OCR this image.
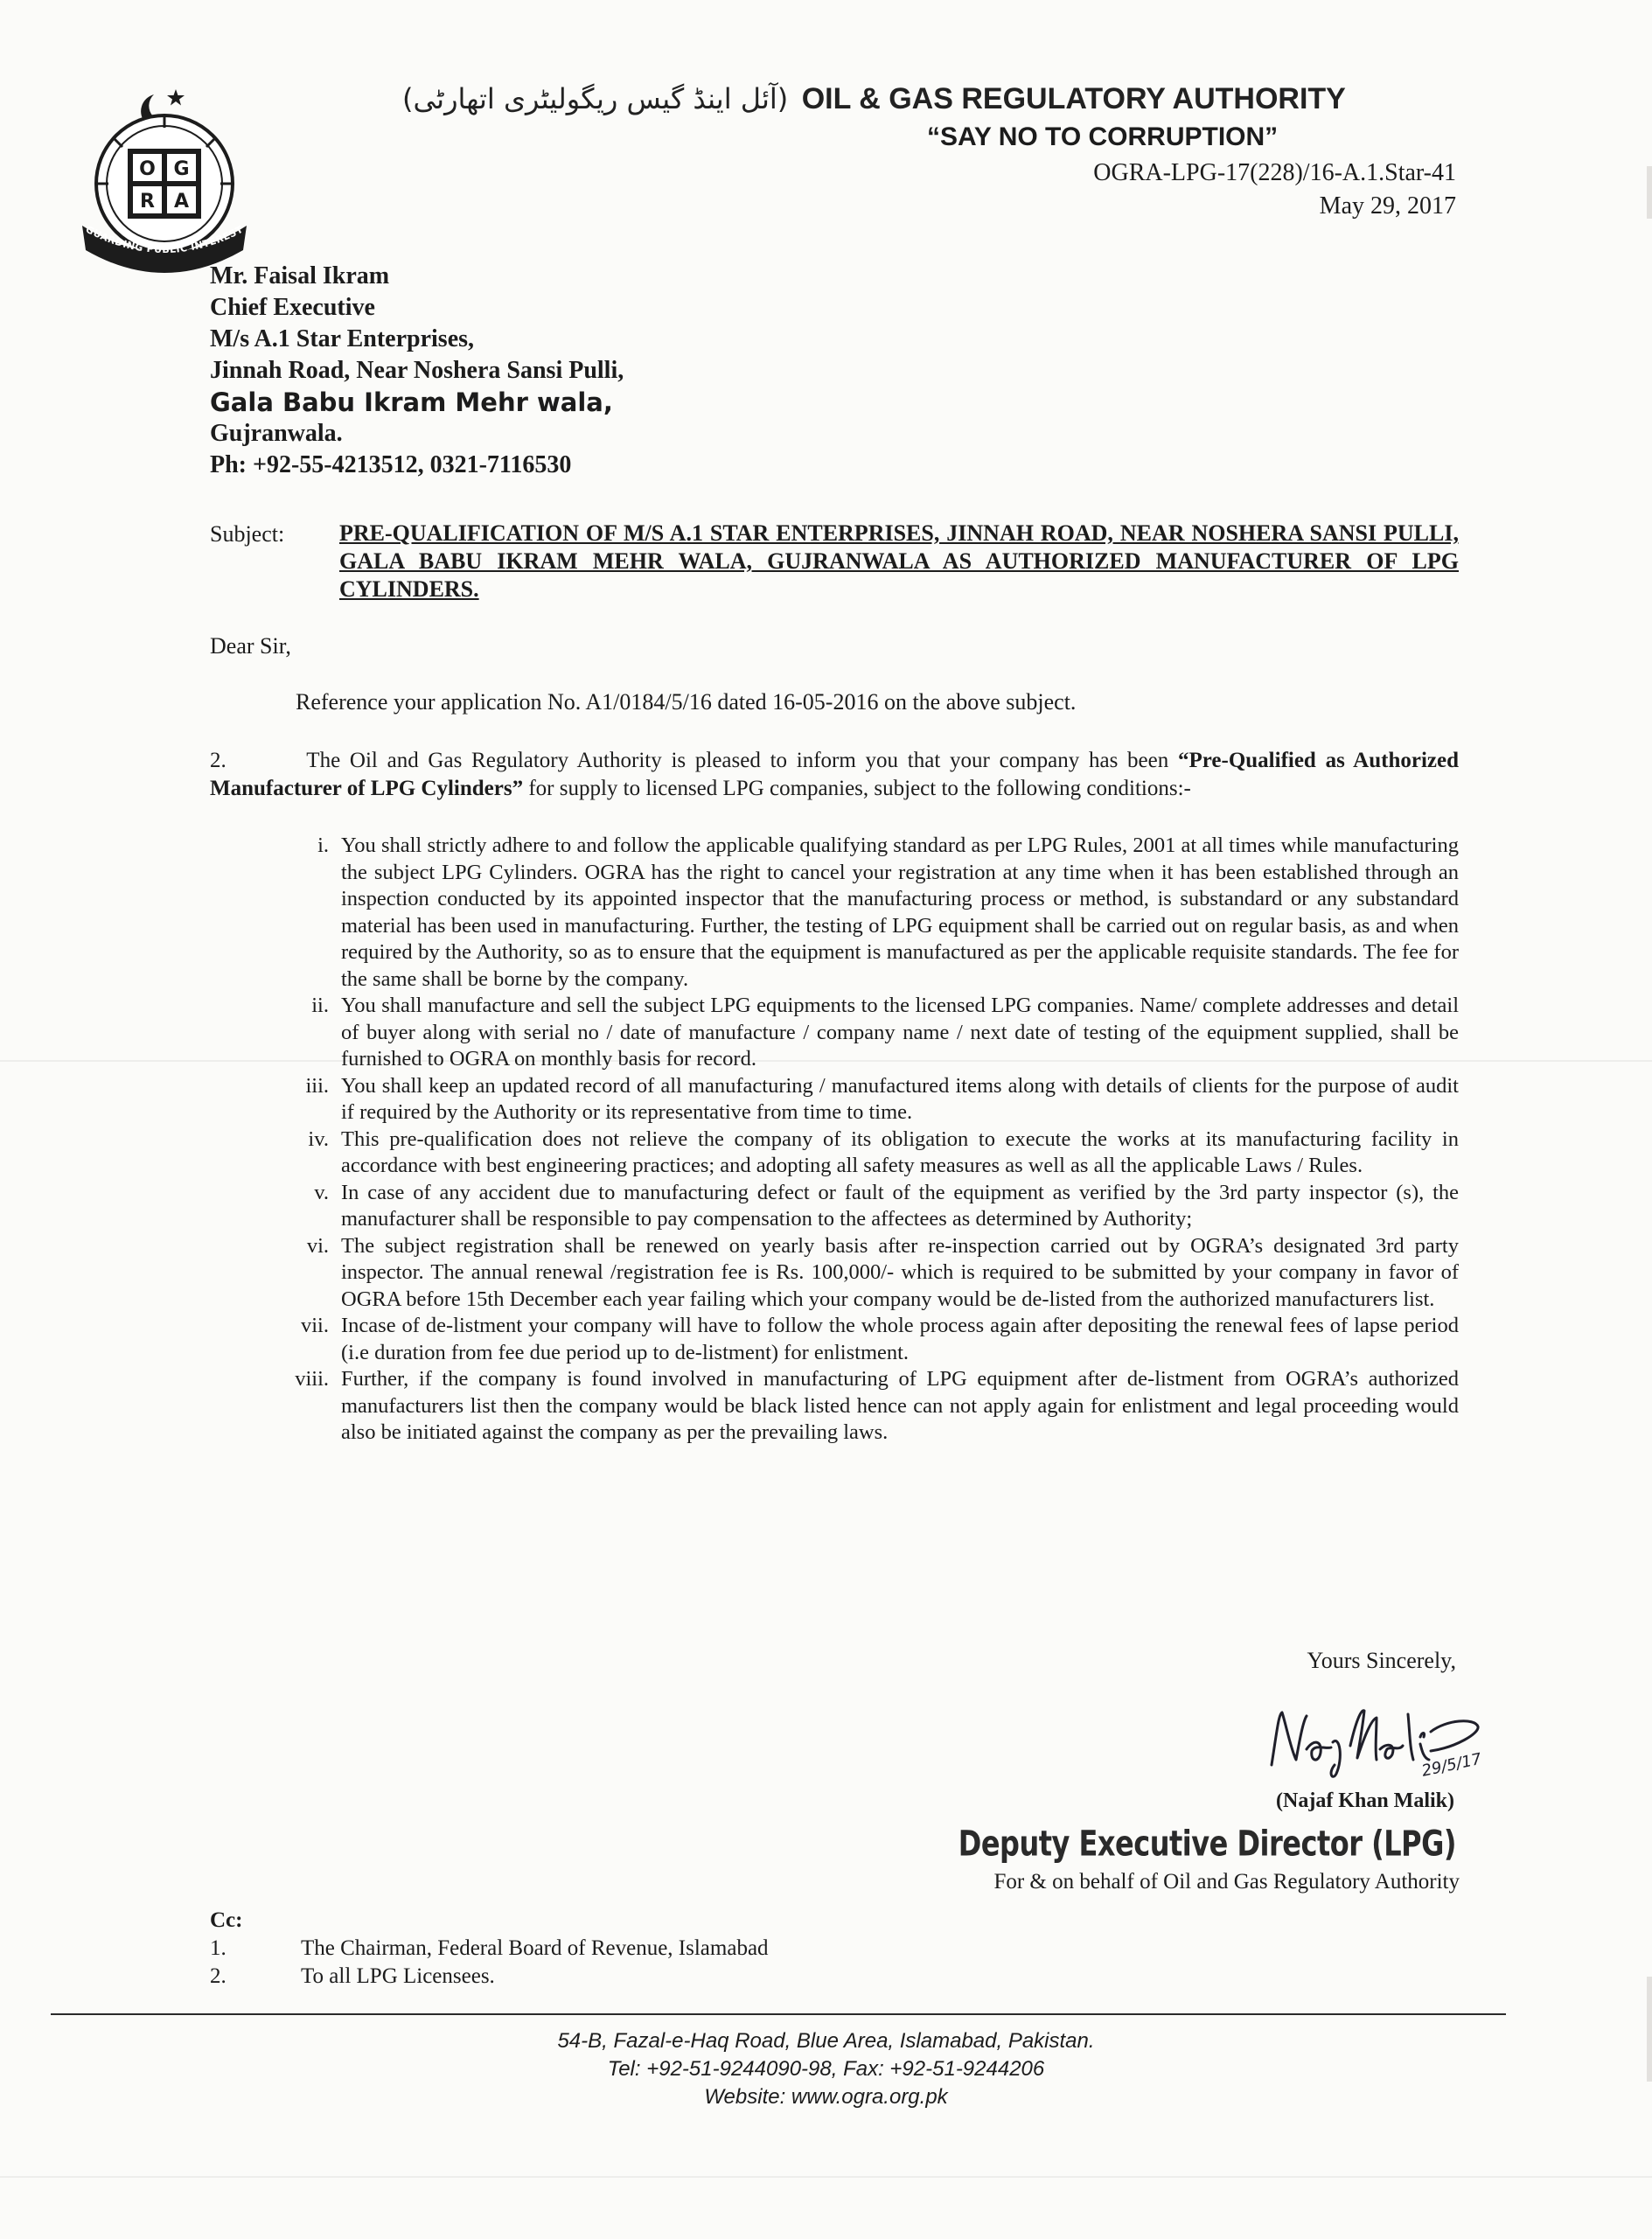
O G
R A
GUARDING PUBLIC INTEREST
(آئل اینڈ گیس ریگولیٹری اتھارٹی) OIL & GAS REGULATORY AUTHORITY
“SAY NO TO CORRUPTION”
OGRA-LPG-17(228)/16-A.1.Star-41
May 29, 2017
Mr. Faisal Ikram
Chief Executive
M/s A.1 Star Enterprises,
Jinnah Road, Near Noshera Sansi Pulli,
Gala Babu Ikram Mehr wala,
Gujranwala.
Ph: +92-55-4213512, 0321-7116530
Subject: PRE-QUALIFICATION OF M/S A.1 STAR ENTERPRISES, JINNAH ROAD, NEAR NOSHERA SANSI PULLI, GALA BABU IKRAM MEHR WALA, GUJRANWALA AS AUTHORIZED MANUFACTURER OF LPG CYLINDERS.
Dear Sir,
Reference your application No. A1/0184/5/16 dated 16-05-2016 on the above subject.
2.	The Oil and Gas Regulatory Authority is pleased to inform you that your company has been “Pre-Qualified as Authorized Manufacturer of LPG Cylinders” for supply to licensed LPG companies, subject to the following conditions:-
i. You shall strictly adhere to and follow the applicable qualifying standard as per LPG Rules, 2001 at all times while manufacturing the subject LPG Cylinders. OGRA has the right to cancel your registration at any time when it has been established through an inspection conducted by its appointed inspector that the manufacturing process or method, is substandard or any substandard material has been used in manufacturing. Further, the testing of LPG equipment shall be carried out on regular basis, as and when required by the Authority, so as to ensure that the equipment is manufactured as per the applicable requisite standards. The fee for the same shall be borne by the company.
ii. You shall manufacture and sell the subject LPG equipments to the licensed LPG companies. Name/ complete addresses and detail of buyer along with serial no / date of manufacture / company name / next date of testing of the equipment supplied, shall be furnished to OGRA on monthly basis for record.
iii. You shall keep an updated record of all manufacturing / manufactured items along with details of clients for the purpose of audit if required by the Authority or its representative from time to time.
iv. This pre-qualification does not relieve the company of its obligation to execute the works at its manufacturing facility in accordance with best engineering practices; and adopting all safety measures as well as all the applicable Laws / Rules.
v. In case of any accident due to manufacturing defect or fault of the equipment as verified by the 3rd party inspector (s), the manufacturer shall be responsible to pay compensation to the affectees as determined by Authority;
vi. The subject registration shall be renewed on yearly basis after re-inspection carried out by OGRA’s designated 3rd party inspector. The annual renewal /registration fee is Rs. 100,000/- which is required to be submitted by your company in favor of OGRA before 15th December each year failing which your company would be de-listed from the authorized manufacturers list.
vii. Incase of de-listment your company will have to follow the whole process again after depositing the renewal fees of lapse period (i.e duration from fee due period up to de-listment) for enlistment.
viii. Further, if the company is found involved in manufacturing of LPG equipment after de-listment from OGRA’s authorized manufacturers list then the company would be black listed hence can not apply again for enlistment and legal proceeding would also be initiated against the company as per the prevailing laws.
Yours Sincerely,
29/5/17
(Najaf Khan Malik)
Deputy Executive Director (LPG)
For & on behalf of Oil and Gas Regulatory Authority
Cc:
1.	The Chairman, Federal Board of Revenue, Islamabad
2.	To all LPG Licensees.
54-B, Fazal-e-Haq Road, Blue Area, Islamabad, Pakistan.
Tel: +92-51-9244090-98, Fax: +92-51-9244206
Website: www.ogra.org.pk
